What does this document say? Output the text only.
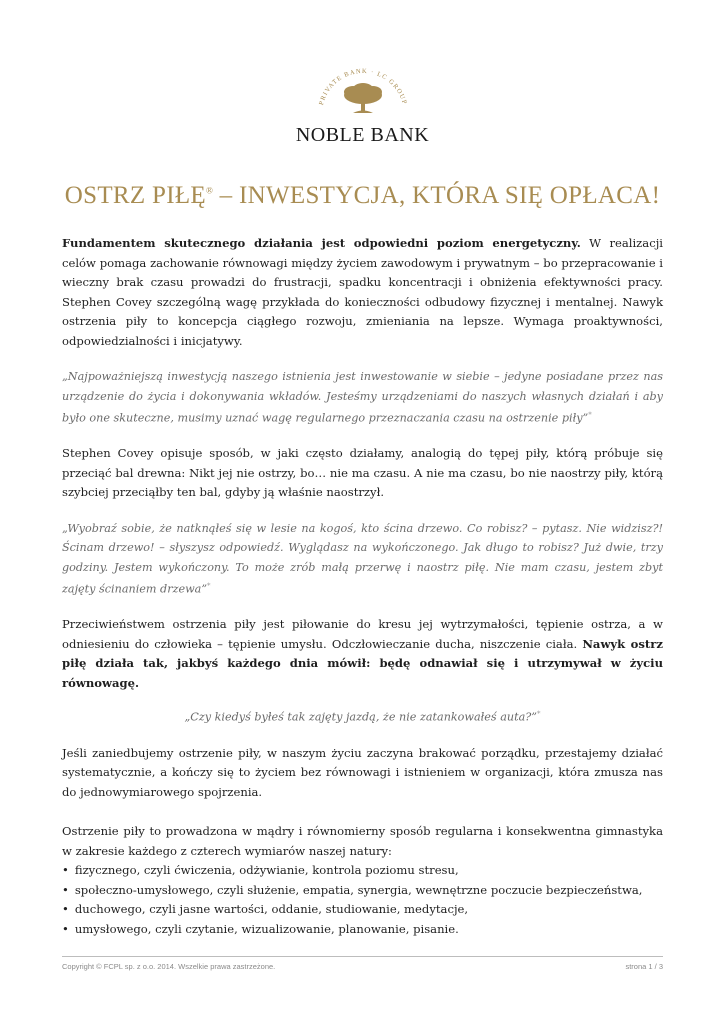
PRIVATE BANK · LC GROUP
NOBLE BANK
OSTRZ PIŁĘ® – INWESTYCJA, KTÓRA SIĘ OPŁACA!

Fundamentem skutecznego działania jest odpowiedni poziom energetyczny. W realizacji celów pomaga zachowanie równowagi między życiem zawodowym i prywatnym – bo przepracowanie i wieczny brak czasu prowadzi do frustracji, spadku koncentracji i obniżenia efektywności pracy. Stephen Covey szczególną wagę przykłada do konieczności odbudowy fizycznej i mentalnej. Nawyk ostrzenia piły to koncepcja ciągłego rozwoju, zmieniania na lepsze. Wymaga proaktywności, odpowiedzialności i inicjatywy.

„Najpoważniejszą inwestycją naszego istnienia jest inwestowanie w siebie – jedyne posiadane przez nas urządzenie do życia i dokonywania wkładów. Jesteśmy urządzeniami do naszych własnych działań i aby było one skuteczne, musimy uznać wagę regularnego przeznaczania czasu na ostrzenie piły”*

Stephen Covey opisuje sposób, w jaki często działamy, analogią do tępej piły, którą próbuje się przeciąć bal drewna: Nikt jej nie ostrzy, bo… nie ma czasu. A nie ma czasu, bo nie naostrzy piły, którą szybciej przeciąłby ten bal, gdyby ją właśnie naostrzył.

„Wyobraź sobie, że natknąłeś się w lesie na kogoś, kto ścina drzewo. Co robisz? – pytasz. Nie widzisz?! Ścinam drzewo! – słyszysz odpowiedź. Wyglądasz na wykończonego. Jak długo to robisz? Już dwie, trzy godziny. Jestem wykończony. To może zrób małą przerwę i naostrz piłę. Nie mam czasu, jestem zbyt zajęty ścinaniem drzewa”*

Przeciwieństwem ostrzenia piły jest piłowanie do kresu jej wytrzymałości, tępienie ostrza, a w odniesieniu do człowieka – tępienie umysłu. Odczłowieczanie ducha, niszczenie ciała. Nawyk ostrz piłę działa tak, jakbyś każdego dnia mówił: będę odnawiał się i utrzymywał w życiu równowagę.

„Czy kiedyś byłeś tak zajęty jazdą, że nie zatankowałeś auta?”*

Jeśli zaniedbujemy ostrzenie piły, w naszym życiu zaczyna brakować porządku, przestajemy działać systematycznie, a kończy się to życiem bez równowagi i istnieniem w organizacji, która zmusza nas do jednowymiarowego spojrzenia.

Ostrzenie piły to prowadzona w mądry i równomierny sposób regularna i konsekwentna gimnastyka w zakresie każdego z czterech wymiarów naszej natury:

• fizycznego, czyli ćwiczenia, odżywianie, kontrola poziomu stresu,
• społeczno-umysłowego, czyli służenie, empatia, synergia, wewnętrzne poczucie bezpieczeństwa,
• duchowego, czyli jasne wartości, oddanie, studiowanie, medytacje,
• umysłowego, czyli czytanie, wizualizowanie, planowanie, pisanie.
Copyright © FCPL sp. z o.o. 2014. Wszelkie prawa zastrzeżone.	strona 1 / 3
